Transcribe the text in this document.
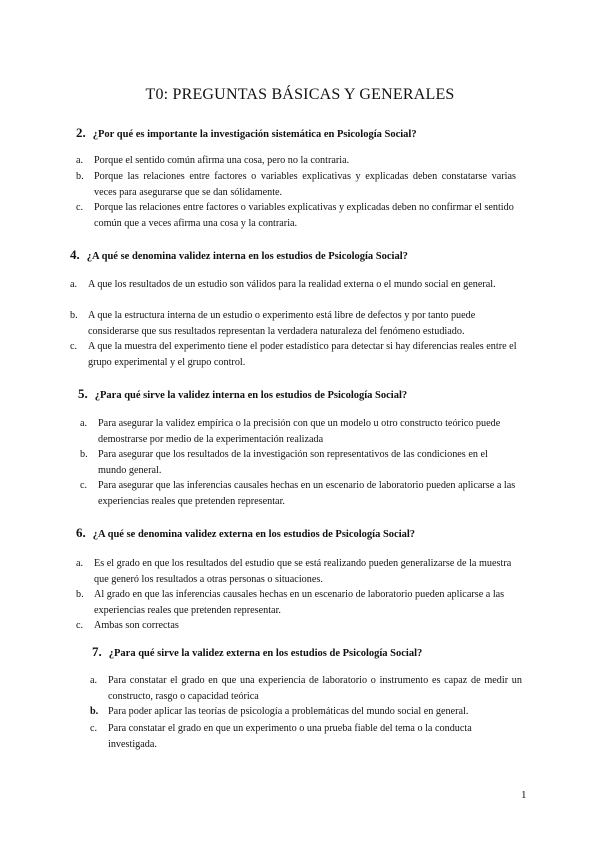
T0: PREGUNTAS BÁSICAS Y GENERALES
2. ¿Por qué es importante la investigación sistemática en Psicología Social?
a. Porque el sentido común afirma una cosa, pero no la contraria.
b. Porque las relaciones entre factores o variables explicativas y explicadas deben constatarse varias veces para asegurarse que se dan sólidamente.
c. Porque las relaciones entre factores o variables explicativas y explicadas deben no confirmar el sentido común que a veces afirma una cosa y la contraria.
4. ¿A qué se denomina validez interna en los estudios de Psicología Social?
a. A que los resultados de un estudio son válidos para la realidad externa o el mundo social en general.
b. A que la estructura interna de un estudio o experimento está libre de defectos y por tanto puede considerarse que sus resultados representan la verdadera naturaleza del fenómeno estudiado.
c. A que la muestra del experimento tiene el poder estadístico para detectar si hay diferencias reales entre el grupo experimental y el grupo control.
5. ¿Para qué sirve la validez interna en los estudios de Psicología Social?
a. Para asegurar la validez empírica o la precisión con que un modelo u otro constructo teórico puede demostrarse por medio de la experimentación realizada
b. Para asegurar que los resultados de la investigación son representativos de las condiciones en el mundo general.
c. Para asegurar que las inferencias causales hechas en un escenario de laboratorio pueden aplicarse a las experiencias reales que pretenden representar.
6. ¿A qué se denomina validez externa en los estudios de Psicología Social?
a. Es el grado en que los resultados del estudio que se está realizando pueden generalizarse de la muestra que generó los resultados a otras personas o situaciones.
b. Al grado en que las inferencias causales hechas en un escenario de laboratorio pueden aplicarse a las experiencias reales que pretenden representar.
c. Ambas son correctas
7. ¿Para qué sirve la validez externa en los estudios de Psicología Social?
a. Para constatar el grado en que una experiencia de laboratorio o instrumento es capaz de medir un constructo, rasgo o capacidad teórica
b. Para poder aplicar las teorías de psicología a problemáticas del mundo social en general.
c. Para constatar el grado en que un experimento o una prueba fiable del tema o la conducta investigada.
1
